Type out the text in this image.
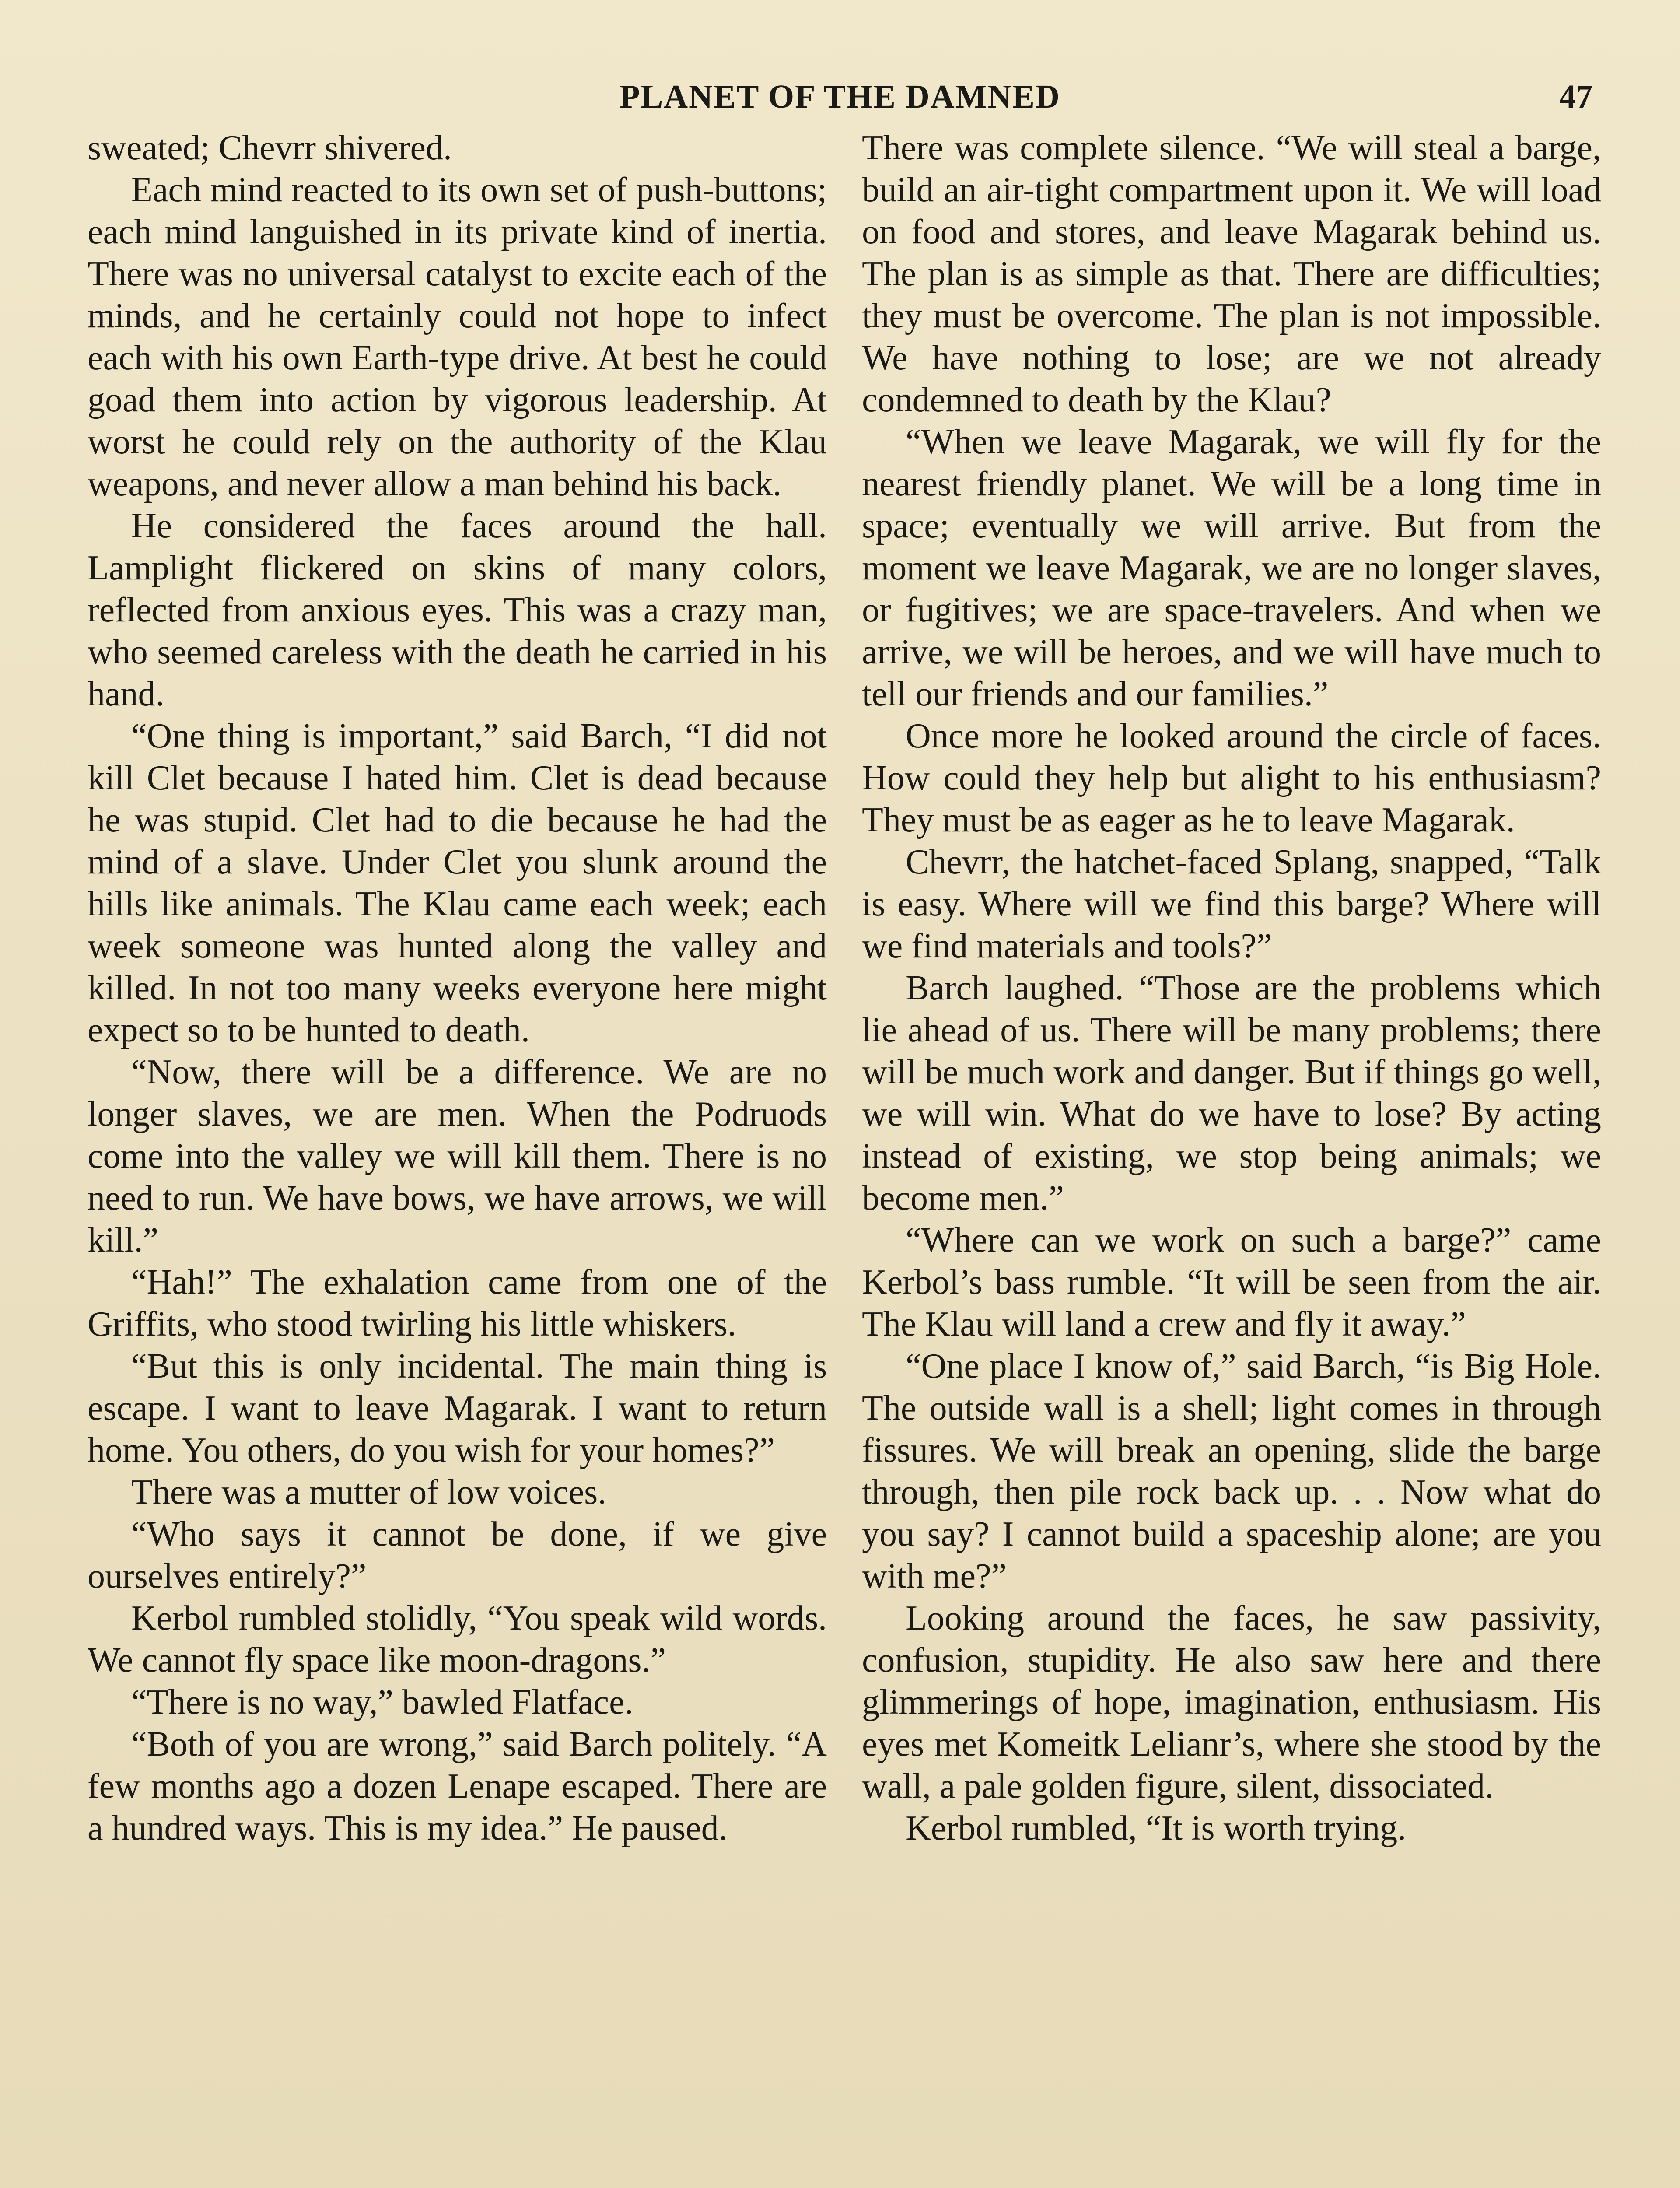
PLANET OF THE DAMNED	47

sweated; Chevrr shivered.

Each mind reacted to its own set of push-buttons; each mind languished in its private kind of inertia. There was no universal catalyst to excite each of the minds, and he certainly could not hope to infect each with his own Earth-type drive. At best he could goad them into action by vigorous leadership. At worst he could rely on the authority of the Klau weapons, and never allow a man behind his back.

He considered the faces around the hall. Lamplight flickered on skins of many colors, reflected from anxious eyes. This was a crazy man, who seemed careless with the death he carried in his hand.

“One thing is important,” said Barch, “I did not kill Clet because I hated him. Clet is dead because he was stupid. Clet had to die because he had the mind of a slave. Under Clet you slunk around the hills like animals. The Klau came each week; each week someone was hunted along the valley and killed. In not too many weeks everyone here might expect so to be hunted to death.

“Now, there will be a difference. We are no longer slaves, we are men. When the Podruods come into the valley we will kill them. There is no need to run. We have bows, we have arrows, we will kill.”

“Hah!” The exhalation came from one of the Griffits, who stood twirling his little whiskers.

“But this is only incidental. The main thing is escape. I want to leave Magarak. I want to return home. You others, do you wish for your homes?”

There was a mutter of low voices.

“Who says it cannot be done, if we give ourselves entirely?”

Kerbol rumbled stolidly, “You speak wild words. We cannot fly space like moon-dragons.”

“There is no way,” bawled Flatface.

“Both of you are wrong,” said Barch politely. “A few months ago a dozen Lenape escaped. There are a hundred ways. This is my idea.” He paused.

There was complete silence. “We will steal a barge, build an air-tight compartment upon it. We will load on food and stores, and leave Magarak behind us. The plan is as simple as that. There are difficulties; they must be overcome. The plan is not impossible. We have nothing to lose; are we not already condemned to death by the Klau?

“When we leave Magarak, we will fly for the nearest friendly planet. We will be a long time in space; eventually we will arrive. But from the moment we leave Magarak, we are no longer slaves, or fugitives; we are space-travelers. And when we arrive, we will be heroes, and we will have much to tell our friends and our families.”

Once more he looked around the circle of faces. How could they help but alight to his enthusiasm? They must be as eager as he to leave Magarak.

Chevrr, the hatchet-faced Splang, snapped, “Talk is easy. Where will we find this barge? Where will we find materials and tools?”

Barch laughed. “Those are the problems which lie ahead of us. There will be many problems; there will be much work and danger. But if things go well, we will win. What do we have to lose? By acting instead of existing, we stop being animals; we become men.”

“Where can we work on such a barge?” came Kerbol’s bass rumble. “It will be seen from the air. The Klau will land a crew and fly it away.”

“One place I know of,” said Barch, “is Big Hole. The outside wall is a shell; light comes in through fissures. We will break an opening, slide the barge through, then pile rock back up. . . Now what do you say? I cannot build a spaceship alone; are you with me?”

Looking around the faces, he saw passivity, confusion, stupidity. He also saw here and there glimmerings of hope, imagination, enthusiasm. His eyes met Komeitk Lelianr’s, where she stood by the wall, a pale golden figure, silent, dissociated.

Kerbol rumbled, “It is worth trying.
